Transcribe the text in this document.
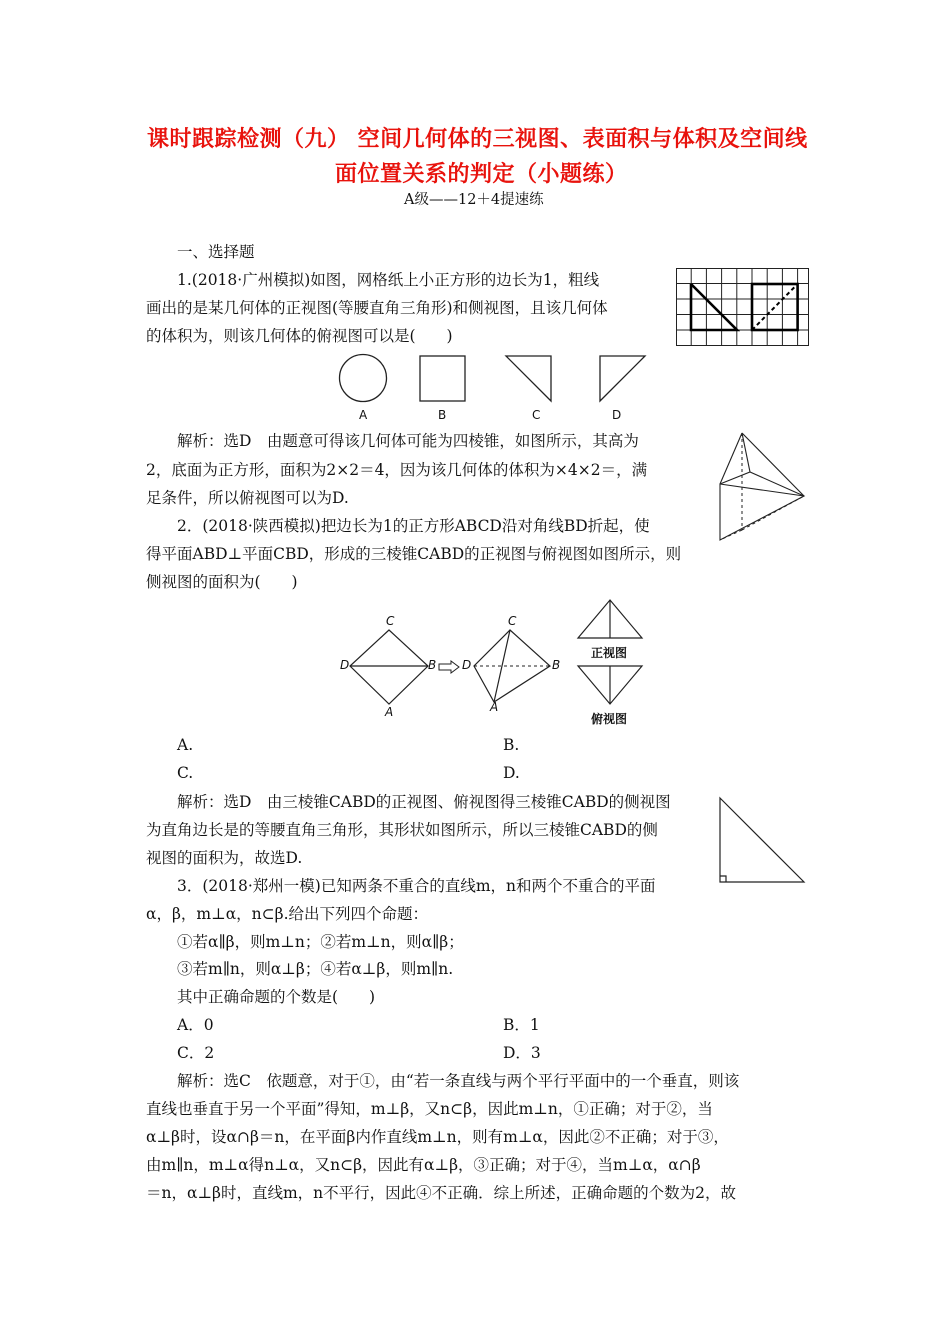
课时跟踪检测（九） 空间几何体的三视图、表面积与体积及空间线
面位置关系的判定（小题练）
A级——12＋4提速练
一、选择题
1.(2018·广州模拟)如图，网格纸上小正方形的边长为1，粗线
画出的是某几何体的正视图(等腰直角三角形)和侧视图，且该几何体
的体积为，则该几何体的俯视图可以是(　　)
A	B	C	D
解析：选D　由题意可得该几何体可能为四棱锥，如图所示，其高为
2，底面为正方形，面积为2×2＝4，因为该几何体的体积为×4×2＝，满
足条件，所以俯视图可以为D.
2．(2018·陕西模拟)把边长为1的正方形ABCD沿对角线BD折起，使
得平面ABD⊥平面CBD，形成的三棱锥CABD的正视图与俯视图如图所示，则
侧视图的面积为(　　)
C
D	B
A
C
D	B
A
正视图
俯视图
A.	B.
C.	D.
解析：选D　由三棱锥CABD的正视图、俯视图得三棱锥CABD的侧视图
为直角边长是的等腰直角三角形，其形状如图所示，所以三棱锥CABD的侧
视图的面积为，故选D.
3．(2018·郑州一模)已知两条不重合的直线m，n和两个不重合的平面
α，β，m⊥α，n⊂β.给出下列四个命题：
①若α∥β，则m⊥n；②若m⊥n，则α∥β；
③若m∥n，则α⊥β；④若α⊥β，则m∥n.
其中正确命题的个数是(　　)
A．0	B．1
C．2	D．3
解析：选C　依题意，对于①，由“若一条直线与两个平行平面中的一个垂直，则该
直线也垂直于另一个平面”得知，m⊥β，又n⊂β，因此m⊥n，①正确；对于②，当
α⊥β时，设α∩β＝n，在平面β内作直线m⊥n，则有m⊥α，因此②不正确；对于③，
由m∥n，m⊥α得n⊥α，又n⊂β，因此有α⊥β，③正确；对于④，当m⊥α，α∩β
＝n，α⊥β时，直线m，n不平行，因此④不正确．综上所述，正确命题的个数为2，故
